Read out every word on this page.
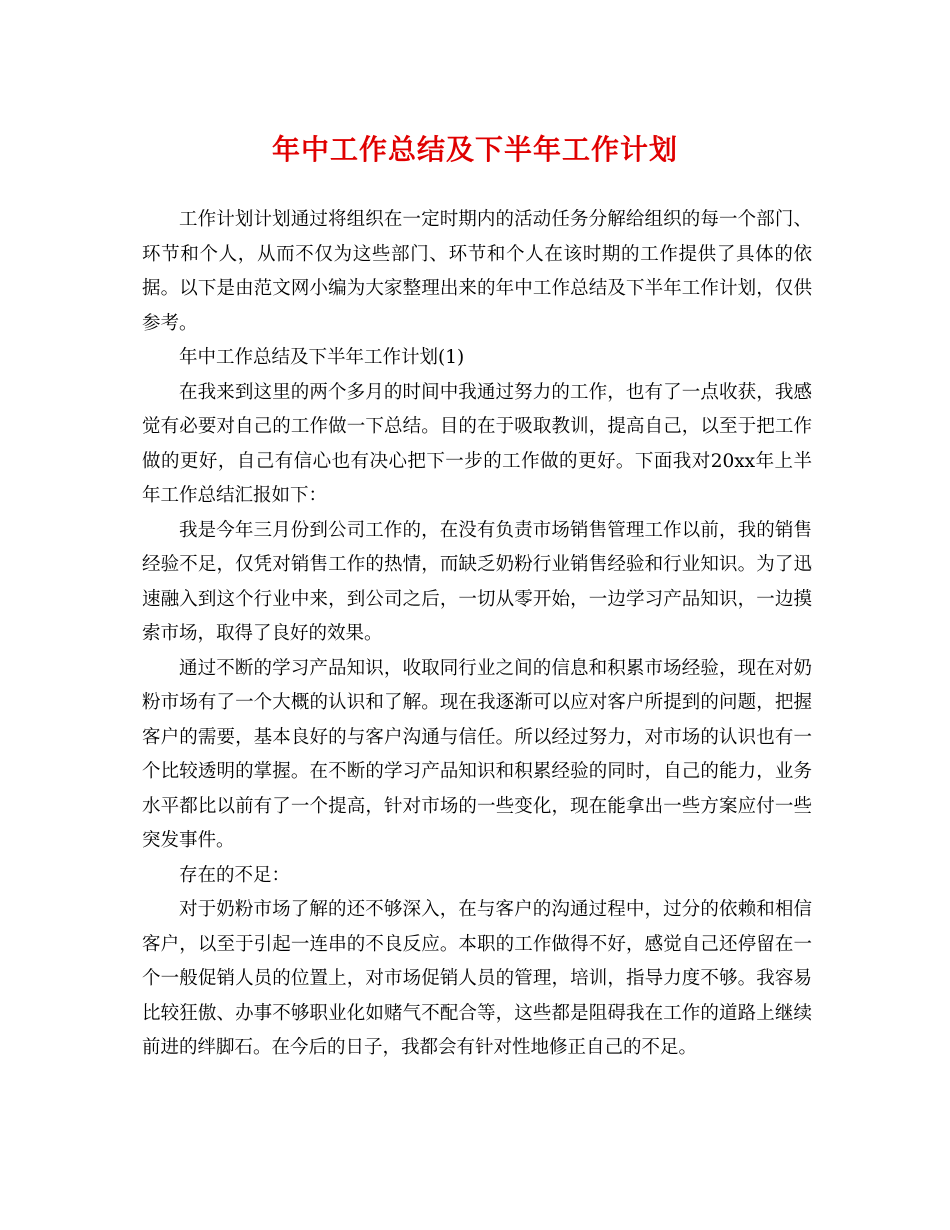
年中工作总结及下半年工作计划

工作计划计划通过将组织在一定时期内的活动任务分解给组织的每一个部门、环节和个人，从而不仅为这些部门、环节和个人在该时期的工作提供了具体的依据。以下是由范文网小编为大家整理出来的年中工作总结及下半年工作计划，仅供参考。

年中工作总结及下半年工作计划(1)

在我来到这里的两个多月的时间中我通过努力的工作，也有了一点收获，我感觉有必要对自己的工作做一下总结。目的在于吸取教训，提高自己，以至于把工作做的更好，自己有信心也有决心把下一步的工作做的更好。下面我对20xx年上半年工作总结汇报如下：

我是今年三月份到公司工作的，在没有负责市场销售管理工作以前，我的销售经验不足，仅凭对销售工作的热情，而缺乏奶粉行业销售经验和行业知识。为了迅速融入到这个行业中来，到公司之后，一切从零开始，一边学习产品知识，一边摸索市场，取得了良好的效果。

通过不断的学习产品知识，收取同行业之间的信息和积累市场经验，现在对奶粉市场有了一个大概的认识和了解。现在我逐渐可以应对客户所提到的问题，把握客户的需要，基本良好的与客户沟通与信任。所以经过努力，对市场的认识也有一个比较透明的掌握。在不断的学习产品知识和积累经验的同时，自己的能力，业务水平都比以前有了一个提高，针对市场的一些变化，现在能拿出一些方案应付一些突发事件。

存在的不足：

对于奶粉市场了解的还不够深入，在与客户的沟通过程中，过分的依赖和相信客户，以至于引起一连串的不良反应。本职的工作做得不好，感觉自己还停留在一个一般促销人员的位置上，对市场促销人员的管理，培训，指导力度不够。我容易比较狂傲、办事不够职业化如赌气不配合等，这些都是阻碍我在工作的道路上继续前进的绊脚石。在今后的日子，我都会有针对性地修正自己的不足。
